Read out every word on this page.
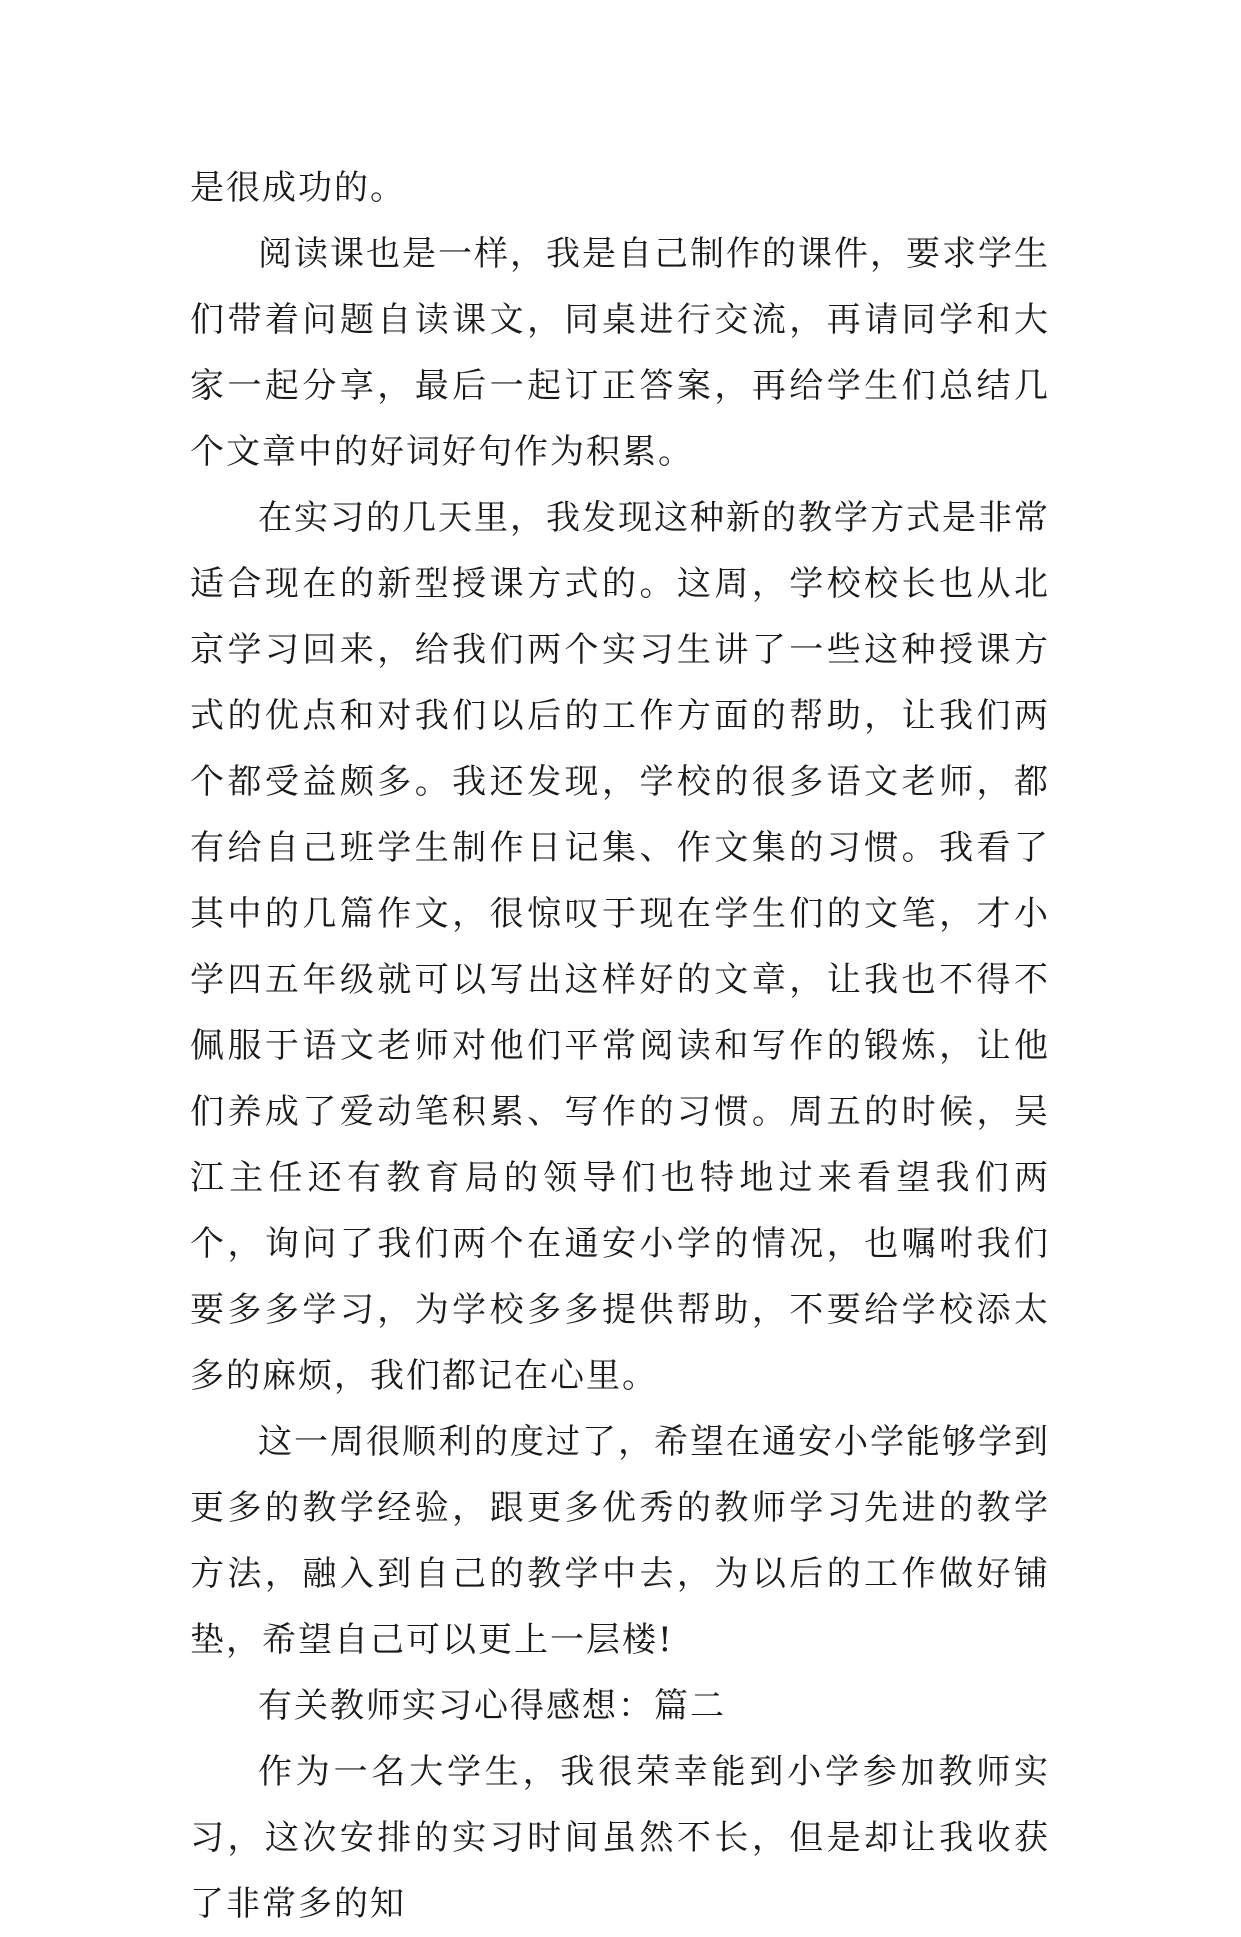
是很成功的。

阅读课也是一样，我是自己制作的课件，要求学生们带着问题自读课文，同桌进行交流，再请同学和大家一起分享，最后一起订正答案，再给学生们总结几个文章中的好词好句作为积累。

在实习的几天里，我发现这种新的教学方式是非常适合现在的新型授课方式的。这周，学校校长也从北京学习回来，给我们两个实习生讲了一些这种授课方式的优点和对我们以后的工作方面的帮助，让我们两个都受益颇多。我还发现，学校的很多语文老师，都有给自己班学生制作日记集、作文集的习惯。我看了其中的几篇作文，很惊叹于现在学生们的文笔，才小学四五年级就可以写出这样好的文章，让我也不得不佩服于语文老师对他们平常阅读和写作的锻炼，让他们养成了爱动笔积累、写作的习惯。周五的时候，吴江主任还有教育局的领导们也特地过来看望我们两个，询问了我们两个在通安小学的情况，也嘱咐我们要多多学习，为学校多多提供帮助，不要给学校添太多的麻烦，我们都记在心里。

这一周很顺利的度过了，希望在通安小学能够学到更多的教学经验，跟更多优秀的教师学习先进的教学方法，融入到自己的教学中去，为以后的工作做好铺垫，希望自己可以更上一层楼!

有关教师实习心得感想：篇二

作为一名大学生，我很荣幸能到小学参加教师实习，这次安排的实习时间虽然不长，但是却让我收获了非常多的知
